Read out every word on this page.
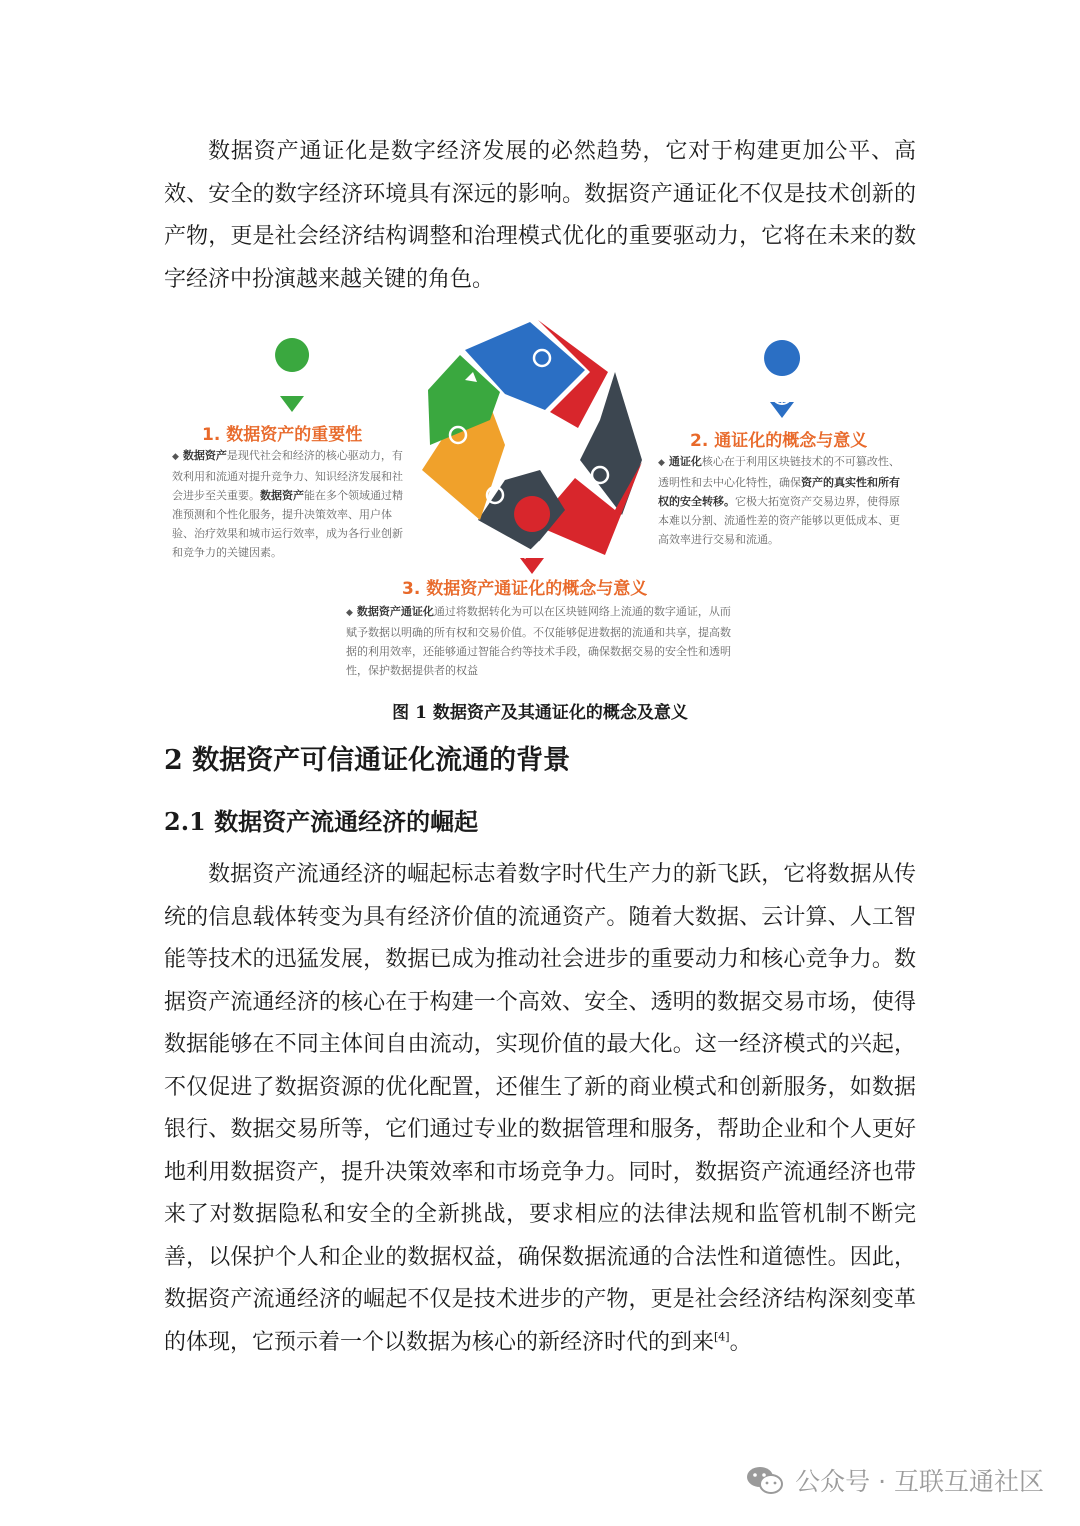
数据资产通证化是数字经济发展的必然趋势，它对于构建更加公平、高效、安全的数字经济环境具有深远的影响。数据资产通证化不仅是技术创新的产物，更是社会经济结构调整和治理模式优化的重要驱动力，它将在未来的数字经济中扮演越来越关键的角色。

1. 数据资产的重要性
◆ 数据资产是现代社会和经济的核心驱动力，有效利用和流通对提升竞争力、知识经济发展和社会进步至关重要。数据资产能在多个领域通过精准预测和个性化服务，提升决策效率、用户体验、治疗效果和城市运行效率，成为各行业创新和竞争力的关键因素。
2. 通证化的概念与意义
◆ 通证化核心在于利用区块链技术的不可篡改性、透明性和去中心化特性，确保资产的真实性和所有权的安全转移。它极大拓宽资产交易边界，使得原本难以分割、流通性差的资产能够以更低成本、更高效率进行交易和流通。
3. 数据资产通证化的概念与意义
◆ 数据资产通证化通过将数据转化为可以在区块链网络上流通的数字通证，从而赋予数据以明确的所有权和交易价值。不仅能够促进数据的流通和共享，提高数据的利用效率，还能够通过智能合约等技术手段，确保数据交易的安全性和透明性，保护数据提供者的权益

图 1 数据资产及其通证化的概念及意义

2 数据资产可信通证化流通的背景
2.1 数据资产流通经济的崛起

数据资产流通经济的崛起标志着数字时代生产力的新飞跃，它将数据从传统的信息载体转变为具有经济价值的流通资产。随着大数据、云计算、人工智能等技术的迅猛发展，数据已成为推动社会进步的重要动力和核心竞争力。数据资产流通经济的核心在于构建一个高效、安全、透明的数据交易市场，使得数据能够在不同主体间自由流动，实现价值的最大化。这一经济模式的兴起，不仅促进了数据资源的优化配置，还催生了新的商业模式和创新服务，如数据银行、数据交易所等，它们通过专业的数据管理和服务，帮助企业和个人更好地利用数据资产，提升决策效率和市场竞争力。同时，数据资产流通经济也带来了对数据隐私和安全的全新挑战，要求相应的法律法规和监管机制不断完善，以保护个人和企业的数据权益，确保数据流通的合法性和道德性。因此，数据资产流通经济的崛起不仅是技术进步的产物，更是社会经济结构深刻变革的体现，它预示着一个以数据为核心的新经济时代的到来[4]。

公众号 · 互联互通社区
